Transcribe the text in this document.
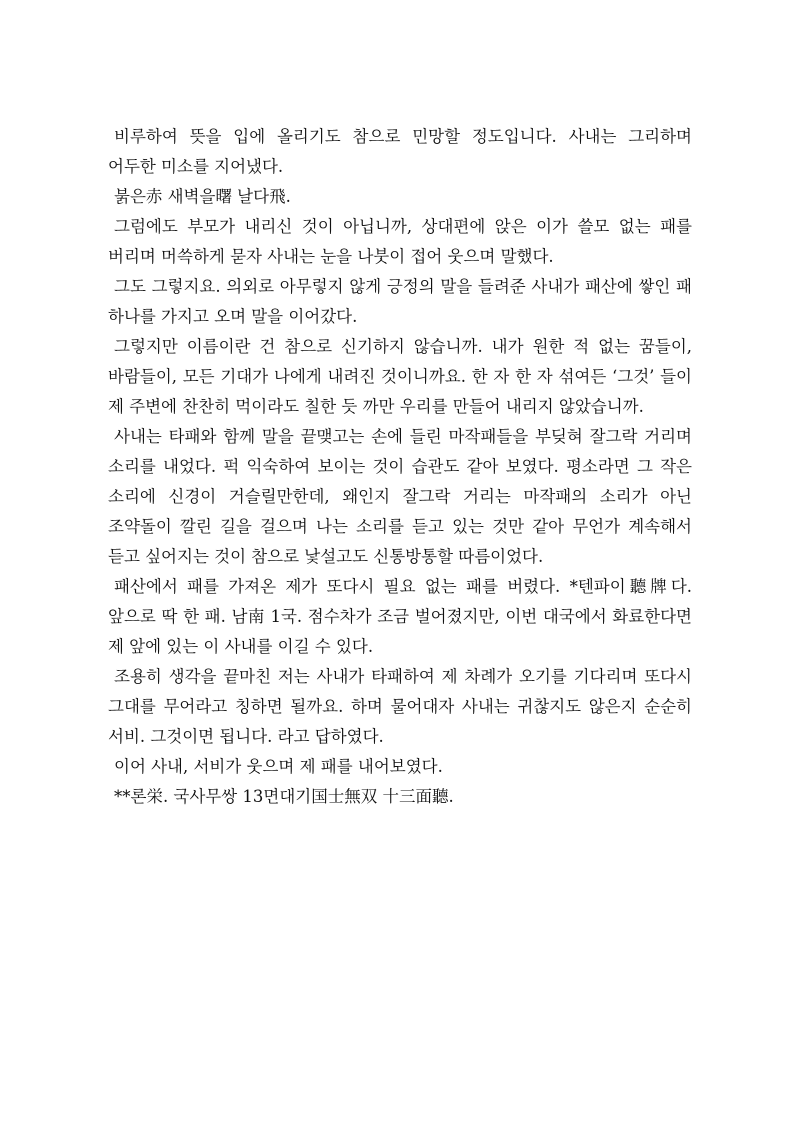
비루하여 뜻을 입에 올리기도 참으로 민망할 정도입니다. 사내는 그리하며 어두한 미소를 지어냈다.

붉은赤 새벽을曙 날다飛.

그럼에도 부모가 내리신 것이 아닙니까, 상대편에 앉은 이가 쓸모 없는 패를 버리며 머쓱하게 묻자 사내는 눈을 나붓이 접어 웃으며 말했다.

그도 그렇지요. 의외로 아무렇지 않게 긍정의 말을 들려준 사내가 패산에 쌓인 패 하나를 가지고 오며 말을 이어갔다.

그렇지만 이름이란 건 참으로 신기하지 않습니까. 내가 원한 적 없는 꿈들이, 바람들이, 모든 기대가 나에게 내려진 것이니까요. 한 자 한 자 섞여든 ‘그것’ 들이 제 주변에 찬찬히 먹이라도 칠한 듯 까만 우리를 만들어 내리지 않았습니까.

사내는 타패와 함께 말을 끝맺고는 손에 들린 마작패들을 부딪혀 잘그락 거리며 소리를 내었다. 퍽 익숙하여 보이는 것이 습관도 같아 보였다. 평소라면 그 작은 소리에 신경이 거슬릴만한데, 왜인지 잘그락 거리는 마작패의 소리가 아닌 조약돌이 깔린 길을 걸으며 나는 소리를 듣고 있는 것만 같아 무언가 계속해서 듣고 싶어지는 것이 참으로 낯설고도 신통방통할 따름이었다.

패산에서 패를 가져온 제가 또다시 필요 없는 패를 버렸다. *텐파이聽牌다. 앞으로 딱 한 패. 남南 1국. 점수차가 조금 벌어졌지만, 이번 대국에서 화료한다면 제 앞에 있는 이 사내를 이길 수 있다.

조용히 생각을 끝마친 저는 사내가 타패하여 제 차례가 오기를 기다리며 또다시 그대를 무어라고 칭하면 될까요. 하며 물어대자 사내는 귀찮지도 않은지 순순히 서비. 그것이면 됩니다. 라고 답하였다.

이어 사내, 서비가 웃으며 제 패를 내어보였다.

**론栄. 국사무쌍 13면대기国士無双 十三面聽.
